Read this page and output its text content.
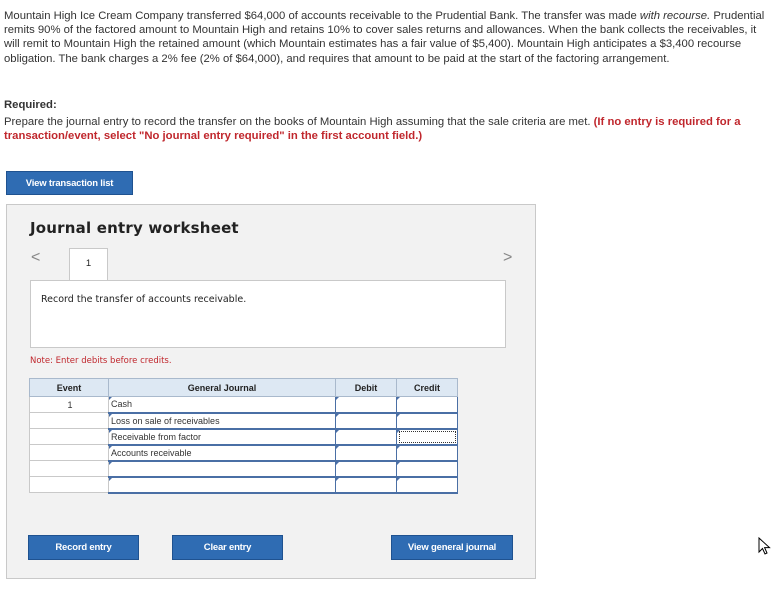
Mountain High Ice Cream Company transferred $64,000 of accounts receivable to the Prudential Bank. The transfer was made with recourse. Prudential remits 90% of the factored amount to Mountain High and retains 10% to cover sales returns and allowances. When the bank collects the receivables, it will remit to Mountain High the retained amount (which Mountain estimates has a fair value of $5,400). Mountain High anticipates a $3,400 recourse obligation. The bank charges a 2% fee (2% of $64,000), and requires that amount to be paid at the start of the factoring arrangement.
Required:
Prepare the journal entry to record the transfer on the books of Mountain High assuming that the sale criteria are met. (If no entry is required for a transaction/event, select "No journal entry required" in the first account field.)
View transaction list
Journal entry worksheet
<	>
1
Record the transfer of accounts receivable.
Note: Enter debits before credits.
Event	General Journal	Debit	Credit
1	Cash		
	Loss on sale of receivables		
	Receivable from factor		
	Accounts receivable		

Record entry	Clear entry	View general journal
